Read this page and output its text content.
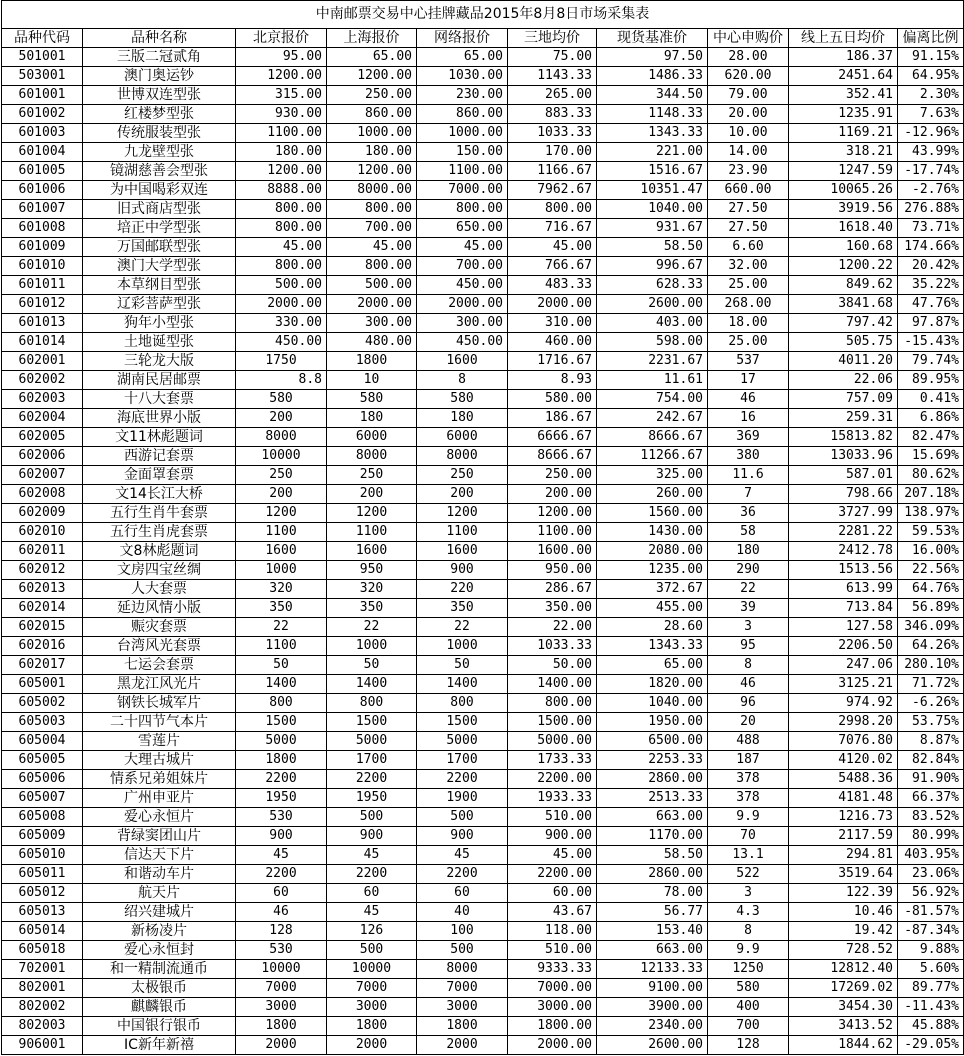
中南邮票交易中心挂牌藏品2015年8月8日市场采集表									
品种代码	品种名称	北京报价	上海报价	网络报价	三地均价	现货基准价	中心申购价	线上五日均价	偏离比例
501001	三版二冠贰角	95.00	65.00	65.00	75.00	97.50	28.00	186.37	91.15%
503001	澳门奥运钞	1200.00	1200.00	1030.00	1143.33	1486.33	620.00	2451.64	64.95%
601001	世博双连型张	315.00	250.00	230.00	265.00	344.50	79.00	352.41	2.30%
601002	红楼梦型张	930.00	860.00	860.00	883.33	1148.33	20.00	1235.91	7.63%
601003	传统服装型张	1100.00	1000.00	1000.00	1033.33	1343.33	10.00	1169.21	-12.96%
601004	九龙壁型张	180.00	180.00	150.00	170.00	221.00	14.00	318.21	43.99%
601005	镜湖慈善会型张	1200.00	1200.00	1100.00	1166.67	1516.67	23.90	1247.59	-17.74%
601006	为中国喝彩双连	8888.00	8000.00	7000.00	7962.67	10351.47	660.00	10065.26	-2.76%
601007	旧式商店型张	800.00	800.00	800.00	800.00	1040.00	27.50	3919.56	276.88%
601008	培正中学型张	800.00	700.00	650.00	716.67	931.67	27.50	1618.40	73.71%
601009	万国邮联型张	45.00	45.00	45.00	45.00	58.50	6.60	160.68	174.66%
601010	澳门大学型张	800.00	800.00	700.00	766.67	996.67	32.00	1200.22	20.42%
601011	本草纲目型张	500.00	500.00	450.00	483.33	628.33	25.00	849.62	35.22%
601012	辽彩菩萨型张	2000.00	2000.00	2000.00	2000.00	2600.00	268.00	3841.68	47.76%
601013	狗年小型张	330.00	300.00	300.00	310.00	403.00	18.00	797.42	97.87%
601014	土地诞型张	450.00	480.00	450.00	460.00	598.00	25.00	505.75	-15.43%
602001	三轮龙大版	1750	1800	1600	1716.67	2231.67	537	4011.20	79.74%
602002	湖南民居邮票	8.8	10	8	8.93	11.61	17	22.06	89.95%
602003	十八大套票	580	580	580	580.00	754.00	46	757.09	0.41%
602004	海底世界小版	200	180	180	186.67	242.67	16	259.31	6.86%
602005	文11林彪题词	8000	6000	6000	6666.67	8666.67	369	15813.82	82.47%
602006	西游记套票	10000	8000	8000	8666.67	11266.67	380	13033.96	15.69%
602007	金面罩套票	250	250	250	250.00	325.00	11.6	587.01	80.62%
602008	文14长江大桥	200	200	200	200.00	260.00	7	798.66	207.18%
602009	五行生肖牛套票	1200	1200	1200	1200.00	1560.00	36	3727.99	138.97%
602010	五行生肖虎套票	1100	1100	1100	1100.00	1430.00	58	2281.22	59.53%
602011	文8林彪题词	1600	1600	1600	1600.00	2080.00	180	2412.78	16.00%
602012	文房四宝丝绸	1000	950	900	950.00	1235.00	290	1513.56	22.56%
602013	人大套票	320	320	220	286.67	372.67	22	613.99	64.76%
602014	延边风情小版	350	350	350	350.00	455.00	39	713.84	56.89%
602015	赈灾套票	22	22	22	22.00	28.60	3	127.58	346.09%
602016	台湾风光套票	1100	1000	1000	1033.33	1343.33	95	2206.50	64.26%
602017	七运会套票	50	50	50	50.00	65.00	8	247.06	280.10%
605001	黑龙江风光片	1400	1400	1400	1400.00	1820.00	46	3125.21	71.72%
605002	钢铁长城军片	800	800	800	800.00	1040.00	96	974.92	-6.26%
605003	二十四节气本片	1500	1500	1500	1500.00	1950.00	20	2998.20	53.75%
605004	雪莲片	5000	5000	5000	5000.00	6500.00	488	7076.80	8.87%
605005	大理古城片	1800	1700	1700	1733.33	2253.33	187	4120.02	82.84%
605006	情系兄弟姐妹片	2200	2200	2200	2200.00	2860.00	378	5488.36	91.90%
605007	广州申亚片	1950	1950	1900	1933.33	2513.33	378	4181.48	66.37%
605008	爱心永恒片	530	500	500	510.00	663.00	9.9	1216.73	83.52%
605009	背绿窦团山片	900	900	900	900.00	1170.00	70	2117.59	80.99%
605010	信达天下片	45	45	45	45.00	58.50	13.1	294.81	403.95%
605011	和谐动车片	2200	2200	2200	2200.00	2860.00	522	3519.64	23.06%
605012	航天片	60	60	60	60.00	78.00	3	122.39	56.92%
605013	绍兴建城片	46	45	40	43.67	56.77	4.3	10.46	-81.57%
605014	新杨凌片	128	126	100	118.00	153.40	8	19.42	-87.34%
605018	爱心永恒封	530	500	500	510.00	663.00	9.9	728.52	9.88%
702001	和一精制流通币	10000	10000	8000	9333.33	12133.33	1250	12812.40	5.60%
802001	太极银币	7000	7000	7000	7000.00	9100.00	580	17269.02	89.77%
802002	麒麟银币	3000	3000	3000	3000.00	3900.00	400	3454.30	-11.43%
802003	中国银行银币	1800	1800	1800	1800.00	2340.00	700	3413.52	45.88%
906001	IC新年新禧	2000	2000	2000	2000.00	2600.00	128	1844.62	-29.05%
